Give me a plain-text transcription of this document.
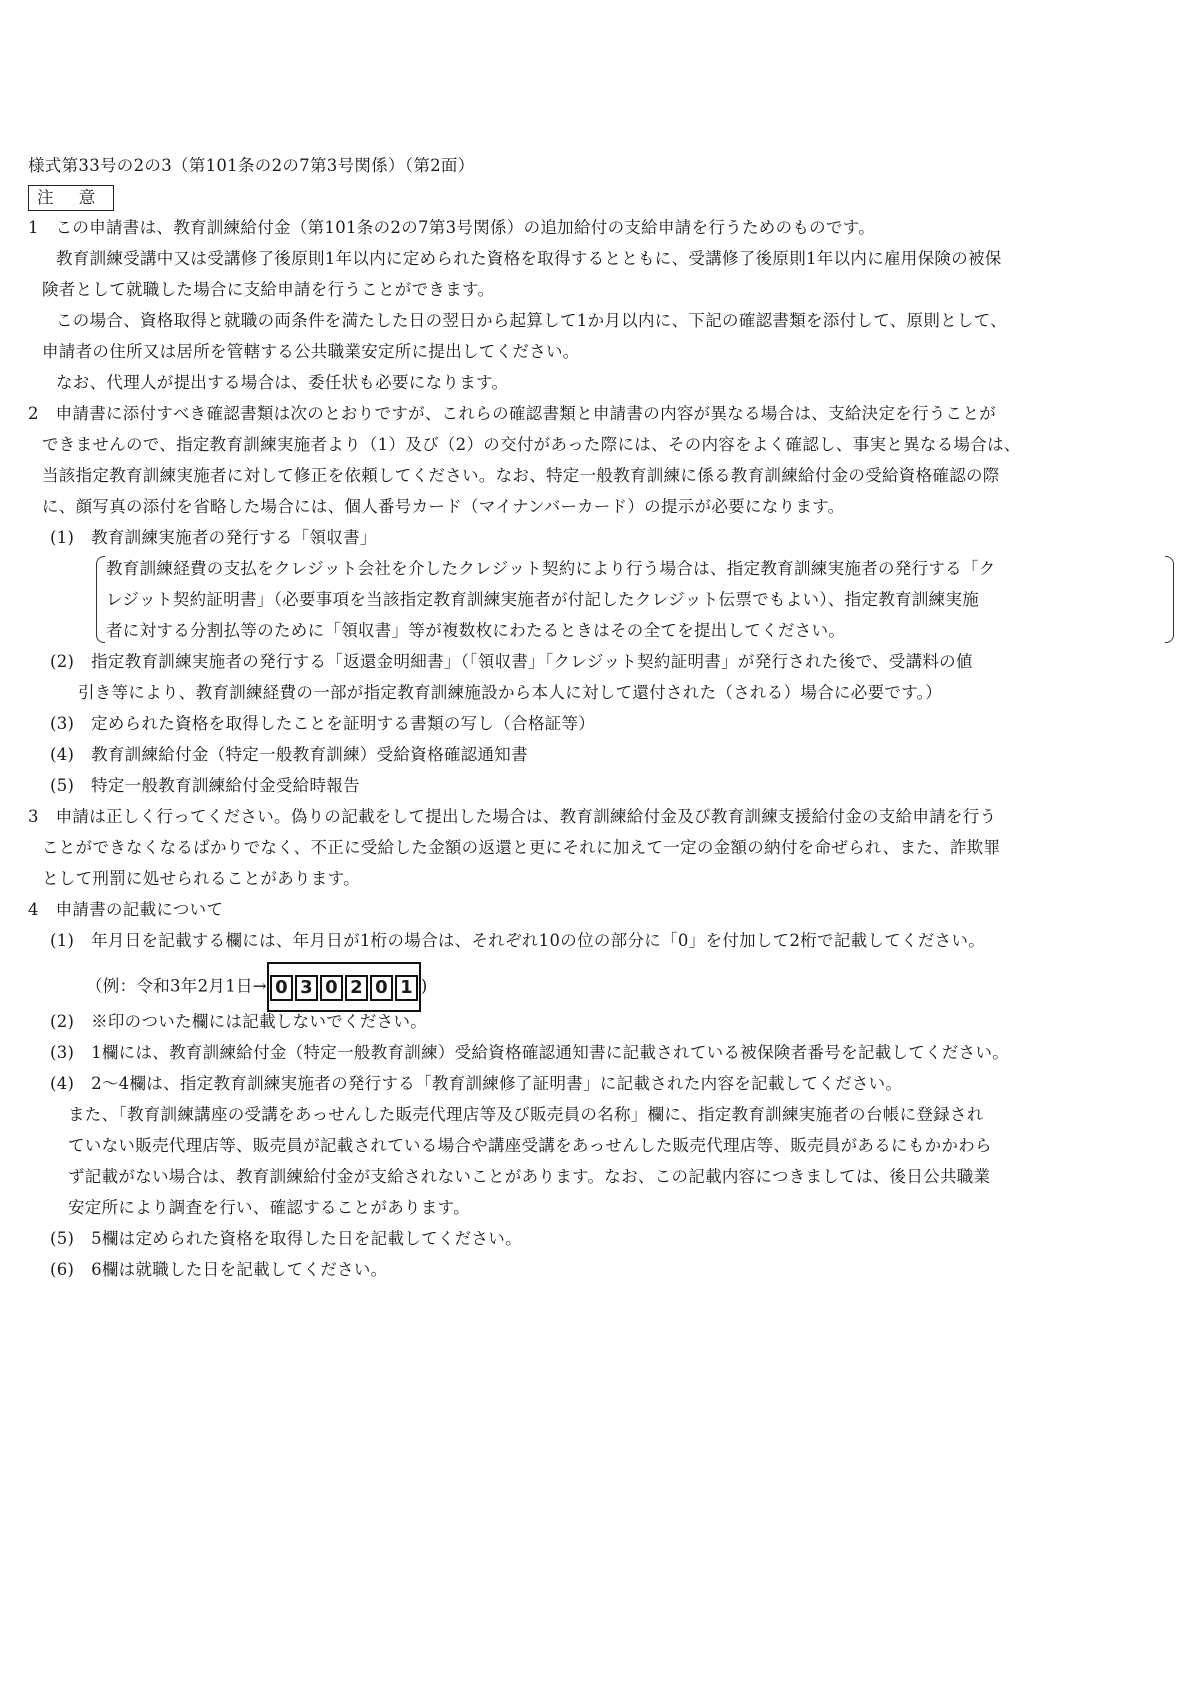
様式第33号の2の3（第101条の2の7第3号関係）（第2面）
注 意
1　この申請書は、教育訓練給付金（第101条の2の7第3号関係）の追加給付の支給申請を行うためのものです。
教育訓練受講中又は受講修了後原則1年以内に定められた資格を取得するとともに、受講修了後原則1年以内に雇用保険の被保
険者として就職した場合に支給申請を行うことができます。
この場合、資格取得と就職の両条件を満たした日の翌日から起算して1か月以内に、下記の確認書類を添付して、原則として、
申請者の住所又は居所を管轄する公共職業安定所に提出してください。
なお、代理人が提出する場合は、委任状も必要になります。
2　申請書に添付すべき確認書類は次のとおりですが、これらの確認書類と申請書の内容が異なる場合は、支給決定を行うことが
できませんので、指定教育訓練実施者より（1）及び（2）の交付があった際には、その内容をよく確認し、事実と異なる場合は、
当該指定教育訓練実施者に対して修正を依頼してください。なお、特定一般教育訓練に係る教育訓練給付金の受給資格確認の際
に、顔写真の添付を省略した場合には、個人番号カード（マイナンバーカード）の提示が必要になります。
(1)　教育訓練実施者の発行する「領収書」
教育訓練経費の支払をクレジット会社を介したクレジット契約により行う場合は、指定教育訓練実施者の発行する「ク
レジット契約証明書」（必要事項を当該指定教育訓練実施者が付記したクレジット伝票でもよい）、指定教育訓練実施
者に対する分割払等のために「領収書」等が複数枚にわたるときはその全てを提出してください。
(2)　指定教育訓練実施者の発行する「返還金明細書」（「領収書」「クレジット契約証明書」が発行された後で、受講料の値
引き等により、教育訓練経費の一部が指定教育訓練施設から本人に対して還付された（される）場合に必要です。）
(3)　定められた資格を取得したことを証明する書類の写し（合格証等）
(4)　教育訓練給付金（特定一般教育訓練）受給資格確認通知書
(5)　特定一般教育訓練給付金受給時報告
3　申請は正しく行ってください。偽りの記載をして提出した場合は、教育訓練給付金及び教育訓練支援給付金の支給申請を行う
ことができなくなるばかりでなく、不正に受給した金額の返還と更にそれに加えて一定の金額の納付を命ぜられ、また、詐欺罪
として刑罰に処せられることがあります。
4　申請書の記載について
(1)　年月日を記載する欄には、年月日が1桁の場合は、それぞれ10の位の部分に「0」を付加して2桁で記載してください。
（例：令和3年2月1日→ 0 3 0 2 0 1 )
(2)　※印のついた欄には記載しないでください。
(3)　1欄には、教育訓練給付金（特定一般教育訓練）受給資格確認通知書に記載されている被保険者番号を記載してください。
(4)　2～4欄は、指定教育訓練実施者の発行する「教育訓練修了証明書」に記載された内容を記載してください。
また、「教育訓練講座の受講をあっせんした販売代理店等及び販売員の名称」欄に、指定教育訓練実施者の台帳に登録され
ていない販売代理店等、販売員が記載されている場合や講座受講をあっせんした販売代理店等、販売員があるにもかかわら
ず記載がない場合は、教育訓練給付金が支給されないことがあります。なお、この記載内容につきましては、後日公共職業
安定所により調査を行い、確認することがあります。
(5)　5欄は定められた資格を取得した日を記載してください。
(6)　6欄は就職した日を記載してください。
